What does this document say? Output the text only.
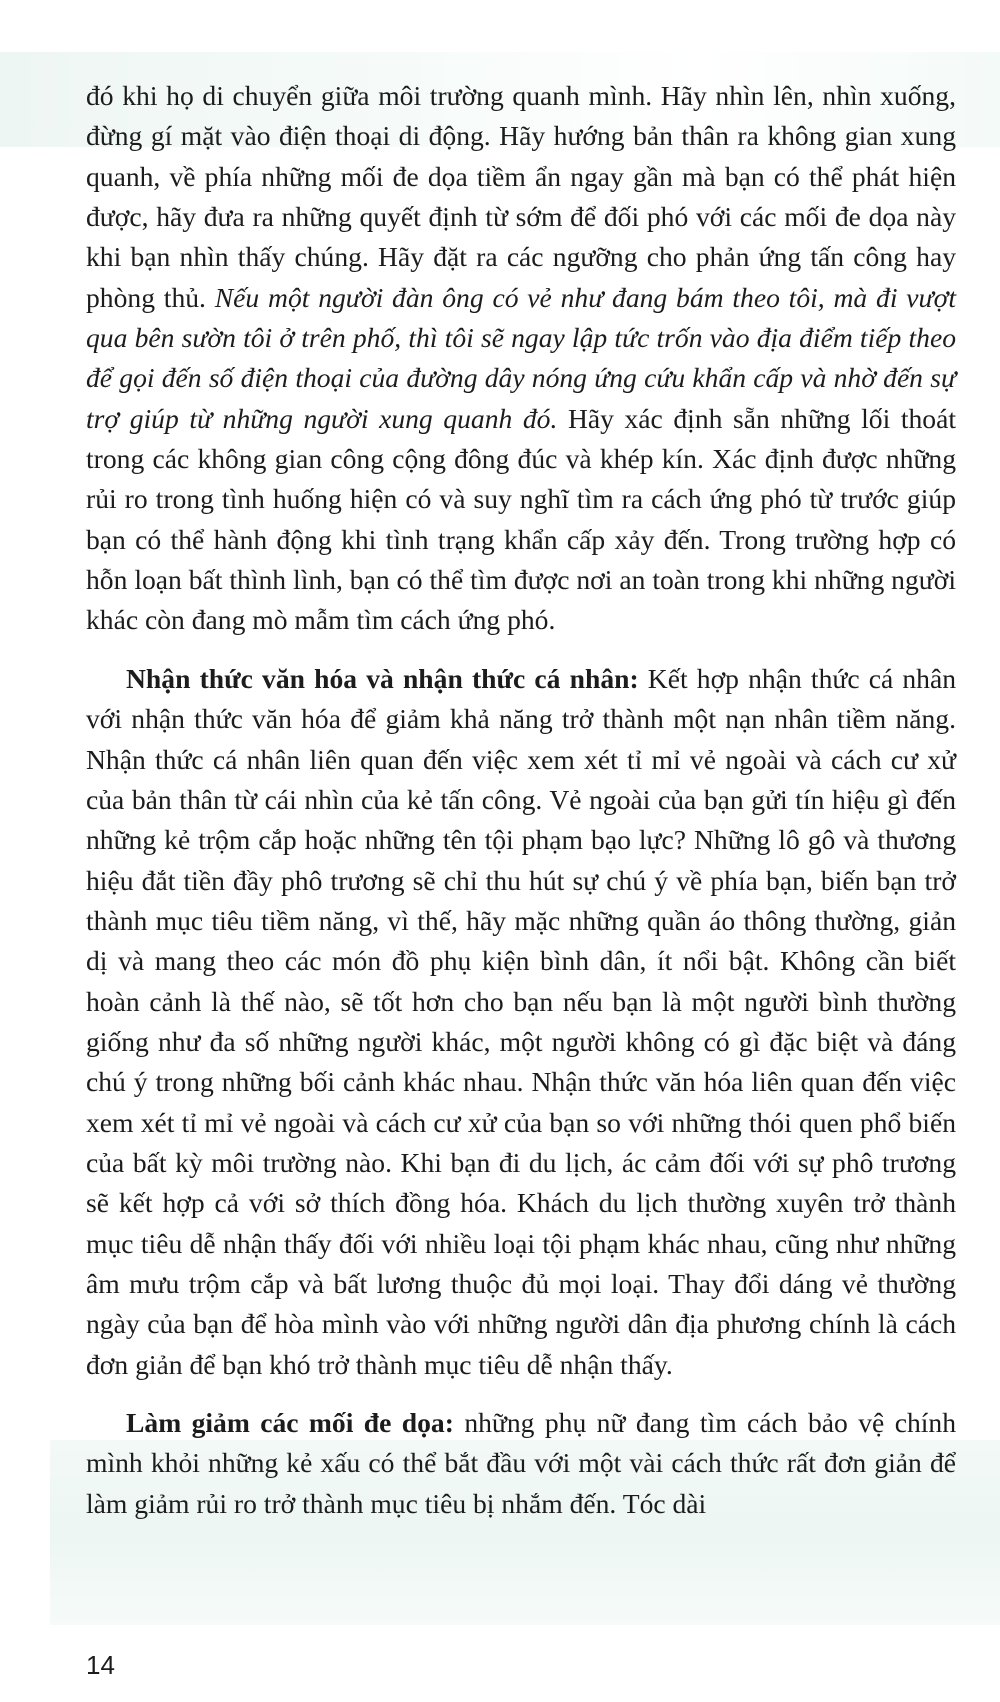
đó khi họ di chuyển giữa môi trường quanh mình. Hãy nhìn lên, nhìn xuống, đừng gí mặt vào điện thoại di động. Hãy hướng bản thân ra không gian xung quanh, về phía những mối đe dọa tiềm ẩn ngay gần mà bạn có thể phát hiện được, hãy đưa ra những quyết định từ sớm để đối phó với các mối đe dọa này khi bạn nhìn thấy chúng. Hãy đặt ra các ngưỡng cho phản ứng tấn công hay phòng thủ. Nếu một người đàn ông có vẻ như đang bám theo tôi, mà đi vượt qua bên sườn tôi ở trên phố, thì tôi sẽ ngay lập tức trốn vào địa điểm tiếp theo để gọi đến số điện thoại của đường dây nóng ứng cứu khẩn cấp và nhờ đến sự trợ giúp từ những người xung quanh đó. Hãy xác định sẵn những lối thoát trong các không gian công cộng đông đúc và khép kín. Xác định được những rủi ro trong tình huống hiện có và suy nghĩ tìm ra cách ứng phó từ trước giúp bạn có thể hành động khi tình trạng khẩn cấp xảy đến. Trong trường hợp có hỗn loạn bất thình lình, bạn có thể tìm được nơi an toàn trong khi những người khác còn đang mò mẫm tìm cách ứng phó.

Nhận thức văn hóa và nhận thức cá nhân: Kết hợp nhận thức cá nhân với nhận thức văn hóa để giảm khả năng trở thành một nạn nhân tiềm năng. Nhận thức cá nhân liên quan đến việc xem xét tỉ mỉ vẻ ngoài và cách cư xử của bản thân từ cái nhìn của kẻ tấn công. Vẻ ngoài của bạn gửi tín hiệu gì đến những kẻ trộm cắp hoặc những tên tội phạm bạo lực? Những lô gô và thương hiệu đắt tiền đầy phô trương sẽ chỉ thu hút sự chú ý về phía bạn, biến bạn trở thành mục tiêu tiềm năng, vì thế, hãy mặc những quần áo thông thường, giản dị và mang theo các món đồ phụ kiện bình dân, ít nổi bật. Không cần biết hoàn cảnh là thế nào, sẽ tốt hơn cho bạn nếu bạn là một người bình thường giống như đa số những người khác, một người không có gì đặc biệt và đáng chú ý trong những bối cảnh khác nhau. Nhận thức văn hóa liên quan đến việc xem xét tỉ mỉ vẻ ngoài và cách cư xử của bạn so với những thói quen phổ biến của bất kỳ môi trường nào. Khi bạn đi du lịch, ác cảm đối với sự phô trương sẽ kết hợp cả với sở thích đồng hóa. Khách du lịch thường xuyên trở thành mục tiêu dễ nhận thấy đối với nhiều loại tội phạm khác nhau, cũng như những âm mưu trộm cắp và bất lương thuộc đủ mọi loại. Thay đổi dáng vẻ thường ngày của bạn để hòa mình vào với những người dân địa phương chính là cách đơn giản để bạn khó trở thành mục tiêu dễ nhận thấy.

Làm giảm các mối đe dọa: những phụ nữ đang tìm cách bảo vệ chính mình khỏi những kẻ xấu có thể bắt đầu với một vài cách thức rất đơn giản để làm giảm rủi ro trở thành mục tiêu bị nhắm đến. Tóc dài

14
